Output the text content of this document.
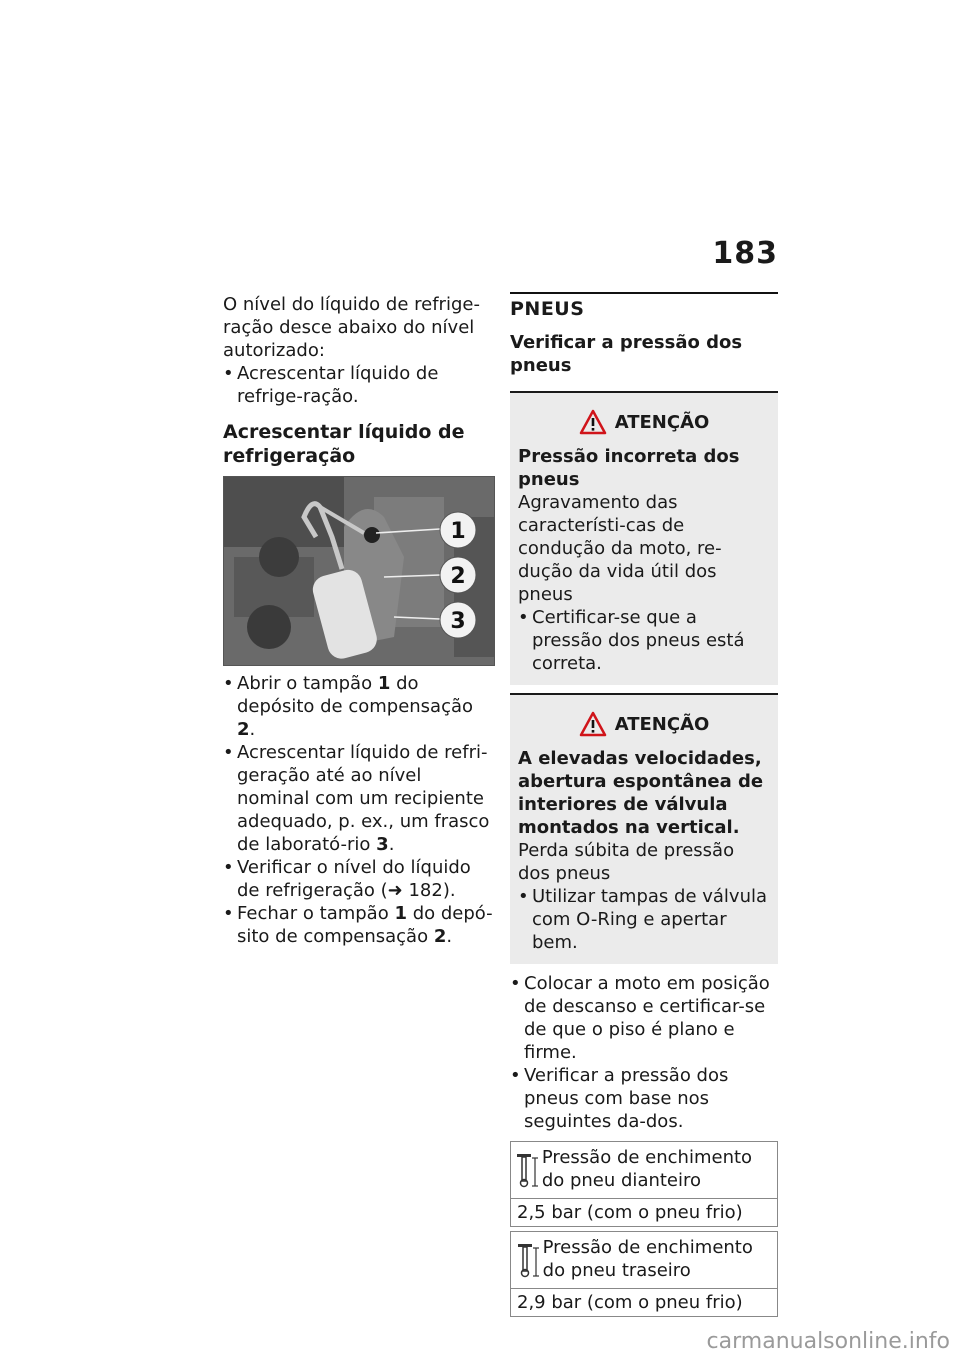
183

O nível do líquido de refrige-ração desce abaixo do nível autorizado:

• Acrescentar líquido de refrige-ração.

Acrescentar líquido de refrigeração

1
2
3

• Abrir o tampão 1 do depósito de compensação 2.

• Acrescentar líquido de refri-geração até ao nível nominal com um recipiente adequado, p. ex., um frasco de laborató-rio 3.

• Verificar o nível do líquido de refrigeração (➜ 182).

• Fechar o tampão 1 do depó-sito de compensação 2.

PNEUS

Verificar a pressão dos pneus

ATENÇÃO

Pressão incorreta dos pneus

Agravamento das característi-cas de condução da moto, re-dução da vida útil dos pneus

• Certificar-se que a pressão dos pneus está correta.

ATENÇÃO

A elevadas velocidades, abertura espontânea de interiores de válvula montados na vertical.

Perda súbita de pressão dos pneus

• Utilizar tampas de válvula com O-Ring e apertar bem.

• Colocar a moto em posição de descanso e certificar-se de que o piso é plano e firme.

• Verificar a pressão dos pneus com base nos seguintes da-dos.

Pressão de enchimento do pneu dianteiro
2,5 bar (com o pneu frio)
Pressão de enchimento do pneu traseiro
2,9 bar (com o pneu frio)
carmanualsonline.info
